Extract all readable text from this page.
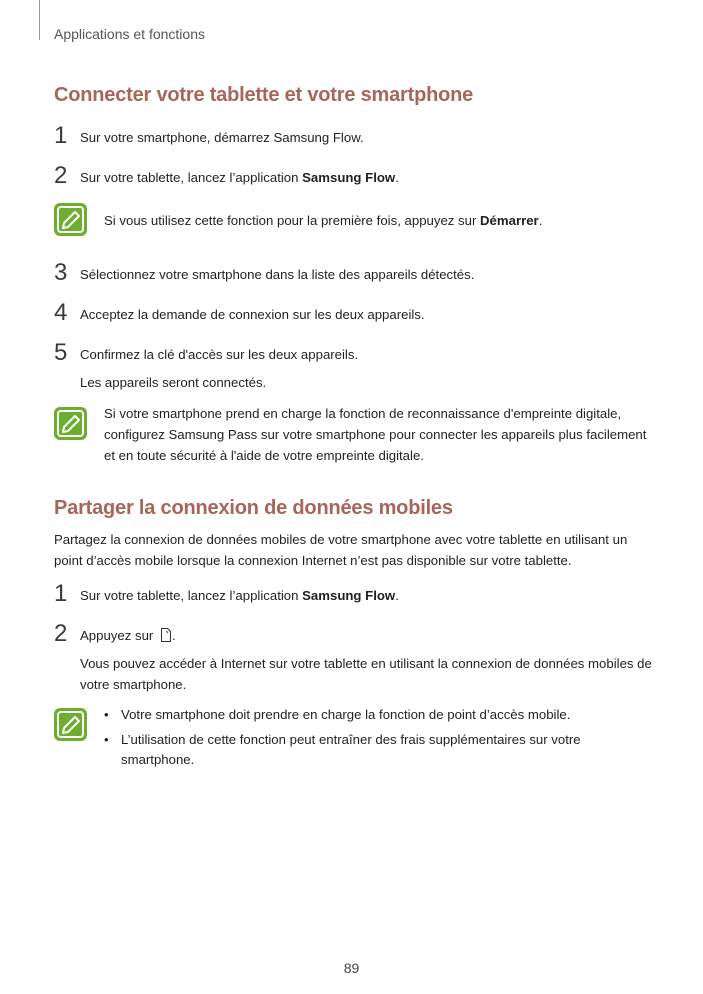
Applications et fonctions
Connecter votre tablette et votre smartphone
1 Sur votre smartphone, démarrez Samsung Flow.
2 Sur votre tablette, lancez l’application Samsung Flow.
Si vous utilisez cette fonction pour la première fois, appuyez sur Démarrer.
3 Sélectionnez votre smartphone dans la liste des appareils détectés.
4 Acceptez la demande de connexion sur les deux appareils.
5 Confirmez la clé d'accès sur les deux appareils.
Les appareils seront connectés.
Si votre smartphone prend en charge la fonction de reconnaissance d'empreinte digitale, configurez Samsung Pass sur votre smartphone pour connecter les appareils plus facilement et en toute sécurité à l'aide de votre empreinte digitale.
Partager la connexion de données mobiles
Partagez la connexion de données mobiles de votre smartphone avec votre tablette en utilisant un point d’accès mobile lorsque la connexion Internet n’est pas disponible sur votre tablette.
1 Sur votre tablette, lancez l’application Samsung Flow.
2 Appuyez sur .
Vous pouvez accéder à Internet sur votre tablette en utilisant la connexion de données mobiles de votre smartphone.
• Votre smartphone doit prendre en charge la fonction de point d’accès mobile.
• L’utilisation de cette fonction peut entraîner des frais supplémentaires sur votre smartphone.
89
